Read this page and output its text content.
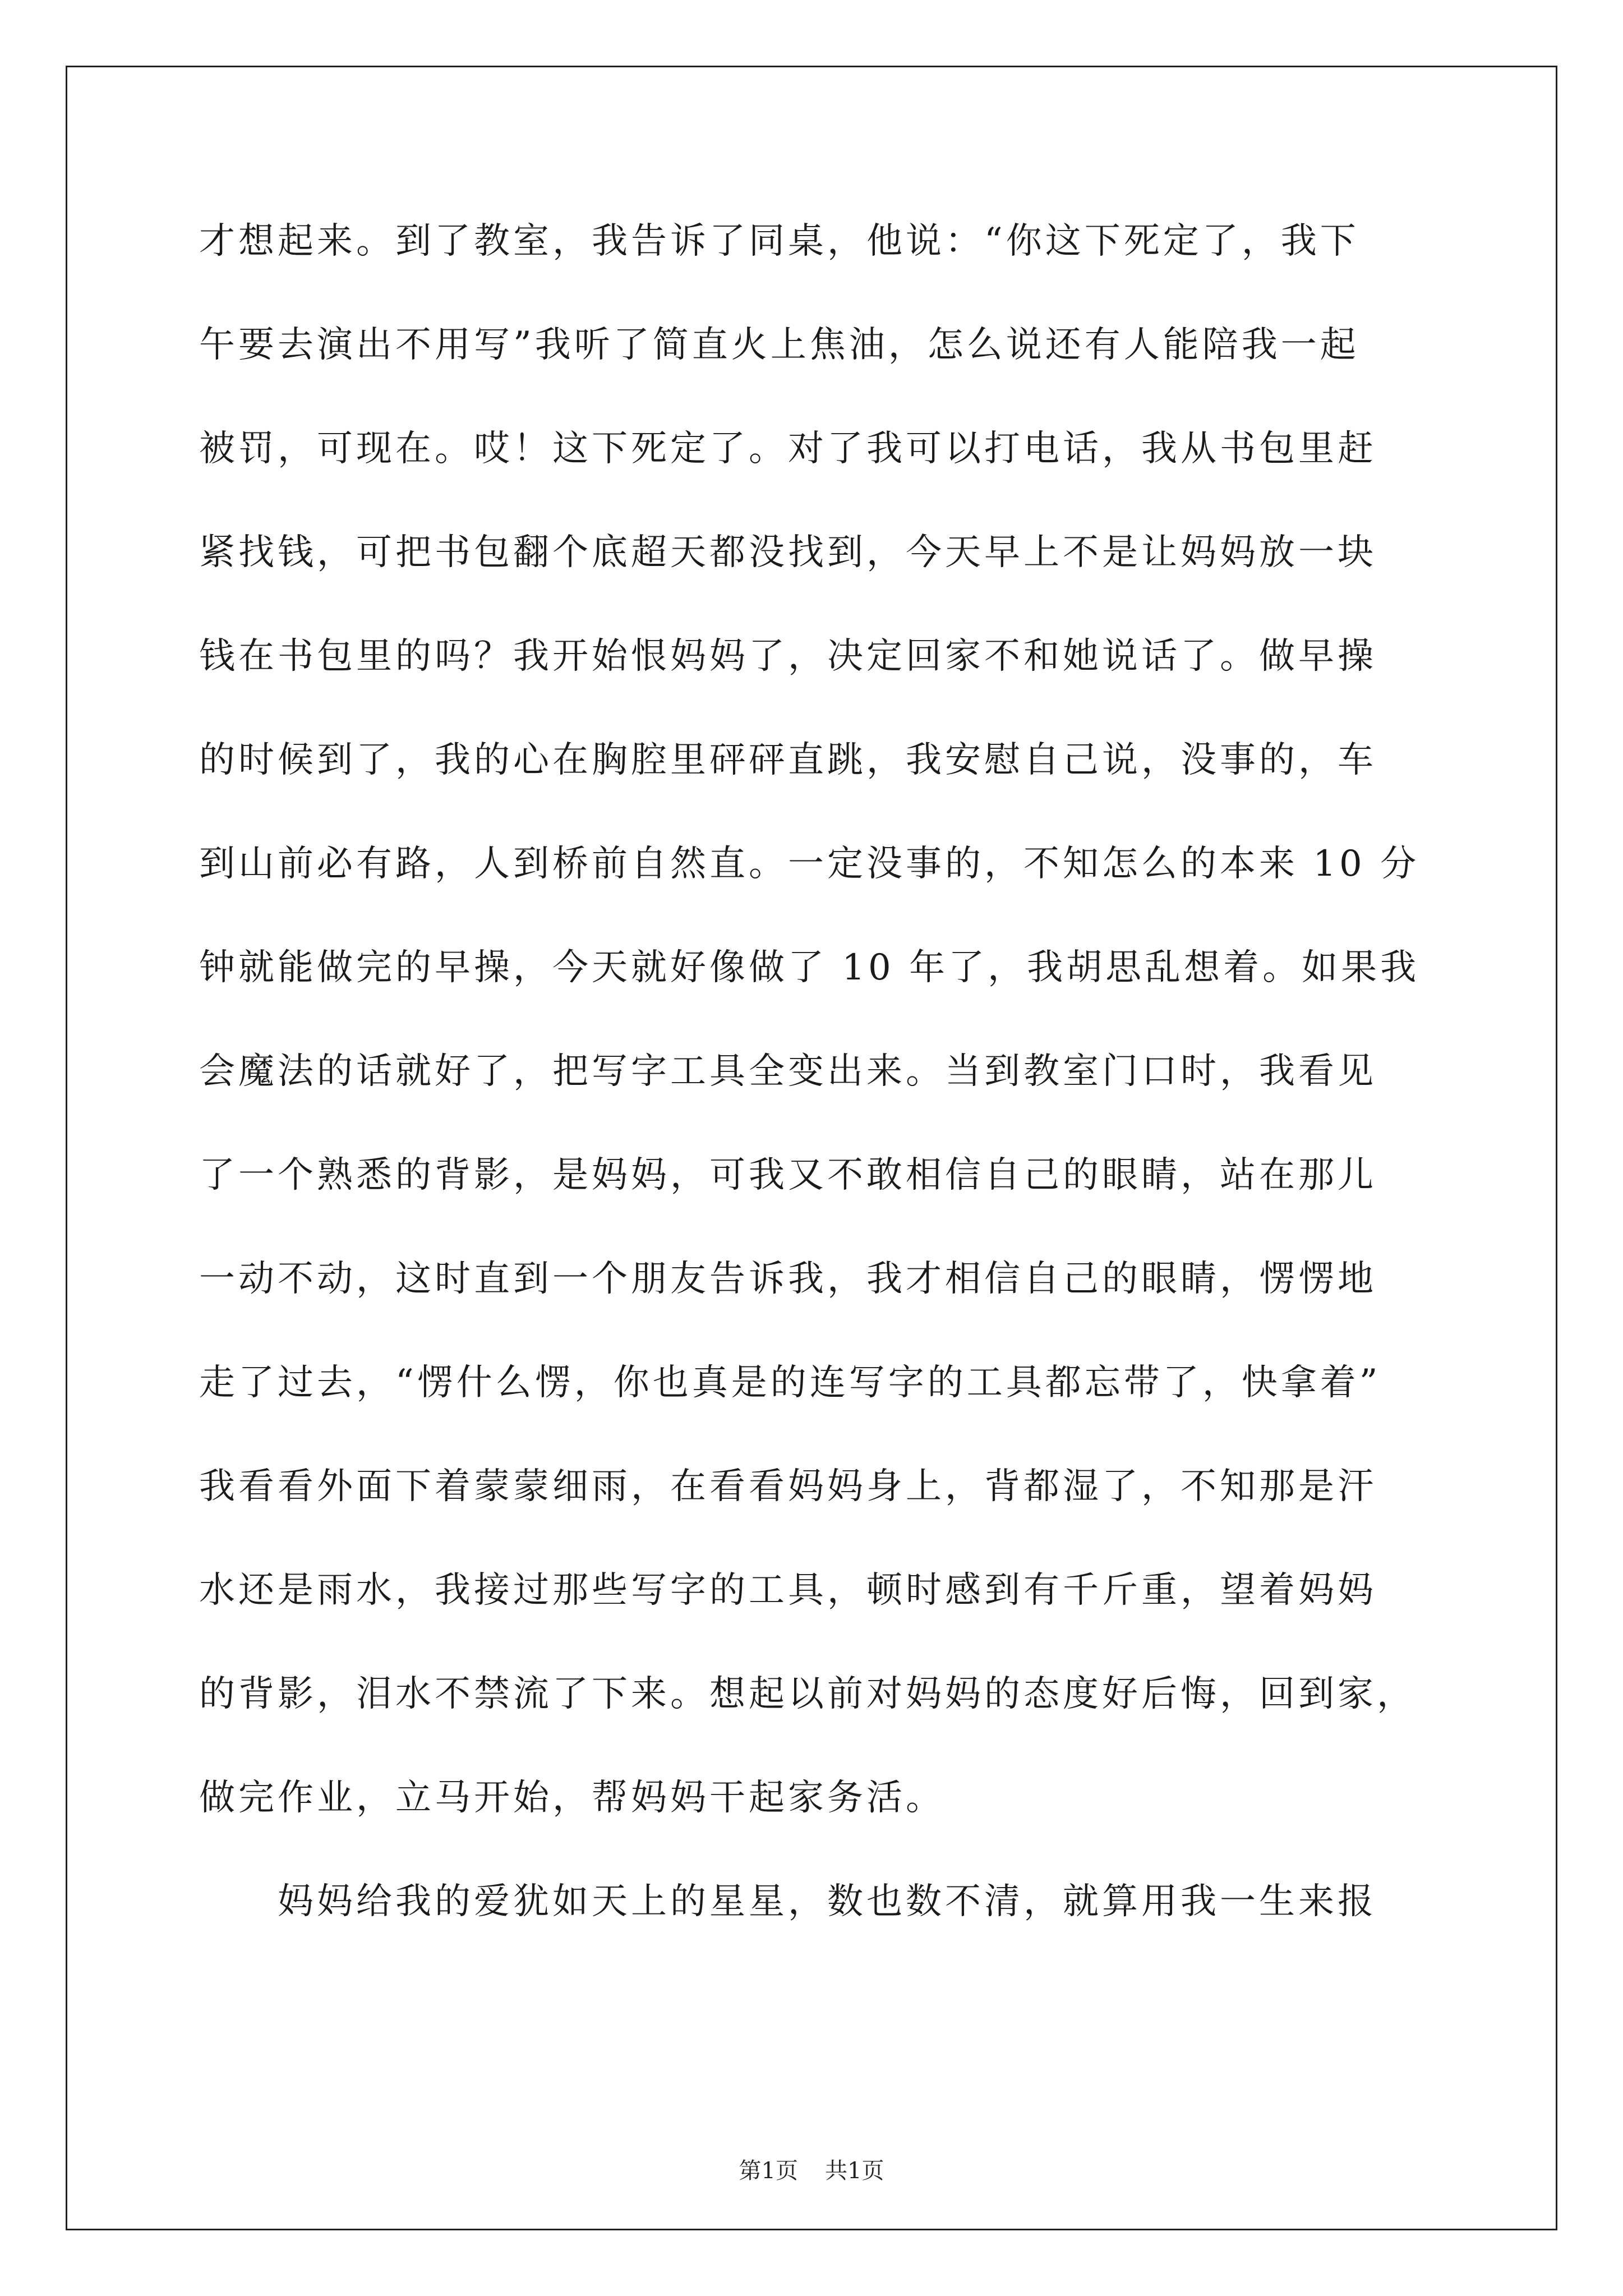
才想起来。到了教室，我告诉了同桌，他说：“你这下死定了，我下
午要去演出不用写”我听了简直火上焦油，怎么说还有人能陪我一起
被罚，可现在。哎！这下死定了。对了我可以打电话，我从书包里赶
紧找钱，可把书包翻个底超天都没找到，今天早上不是让妈妈放一块
钱在书包里的吗？我开始恨妈妈了，决定回家不和她说话了。做早操
的时候到了，我的心在胸腔里砰砰直跳，我安慰自己说，没事的，车
到山前必有路，人到桥前自然直。一定没事的，不知怎么的本来 10 分
钟就能做完的早操，今天就好像做了 10 年了，我胡思乱想着。如果我
会魔法的话就好了，把写字工具全变出来。当到教室门口时，我看见
了一个熟悉的背影，是妈妈，可我又不敢相信自己的眼睛，站在那儿
一动不动，这时直到一个朋友告诉我，我才相信自己的眼睛，愣愣地
走了过去，“愣什么愣，你也真是的连写字的工具都忘带了，快拿着”
我看看外面下着蒙蒙细雨，在看看妈妈身上，背都湿了，不知那是汗
水还是雨水，我接过那些写字的工具，顿时感到有千斤重，望着妈妈
的背影，泪水不禁流了下来。想起以前对妈妈的态度好后悔，回到家，
做完作业，立马开始，帮妈妈干起家务活。
妈妈给我的爱犹如天上的星星，数也数不清，就算用我一生来报
第1页 共1页
